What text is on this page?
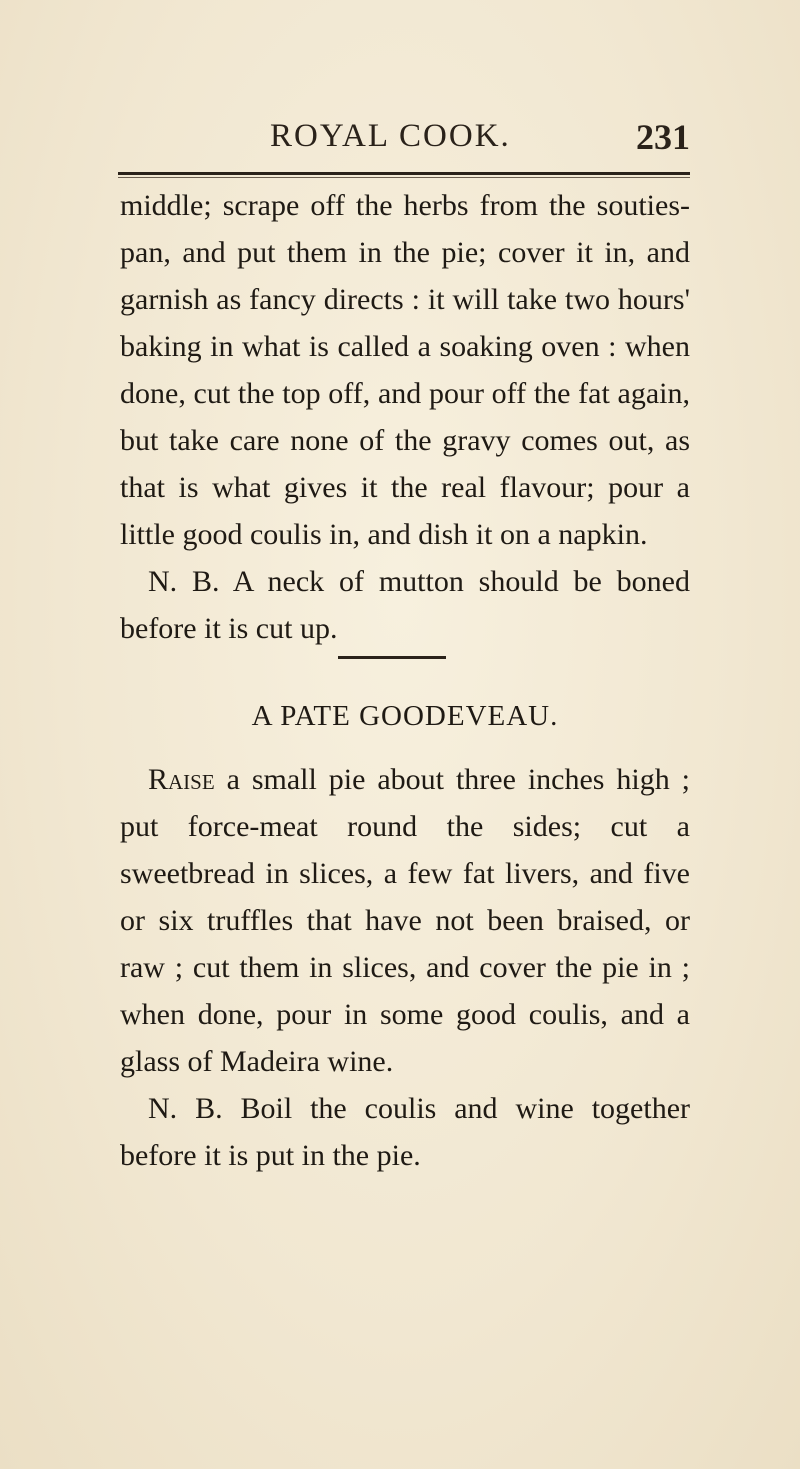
ROYAL COOK.	231

middle; scrape off the herbs from the souties-pan, and put them in the pie; cover it in, and garnish as fancy directs : it will take two hours' baking in what is called a soaking oven : when done, cut the top off, and pour off the fat again, but take care none of the gravy comes out, as that is what gives it the real flavour; pour a little good coulis in, and dish it on a napkin.

N. B. A neck of mutton should be boned before it is cut up.

A PATE GOODEVEAU.

Raise a small pie about three inches high ; put force-meat round the sides; cut a sweetbread in slices, a few fat livers, and five or six truffles that have not been braised, or raw ; cut them in slices, and cover the pie in ; when done, pour in some good coulis, and a glass of Madeira wine.

N. B. Boil the coulis and wine together before it is put in the pie.
